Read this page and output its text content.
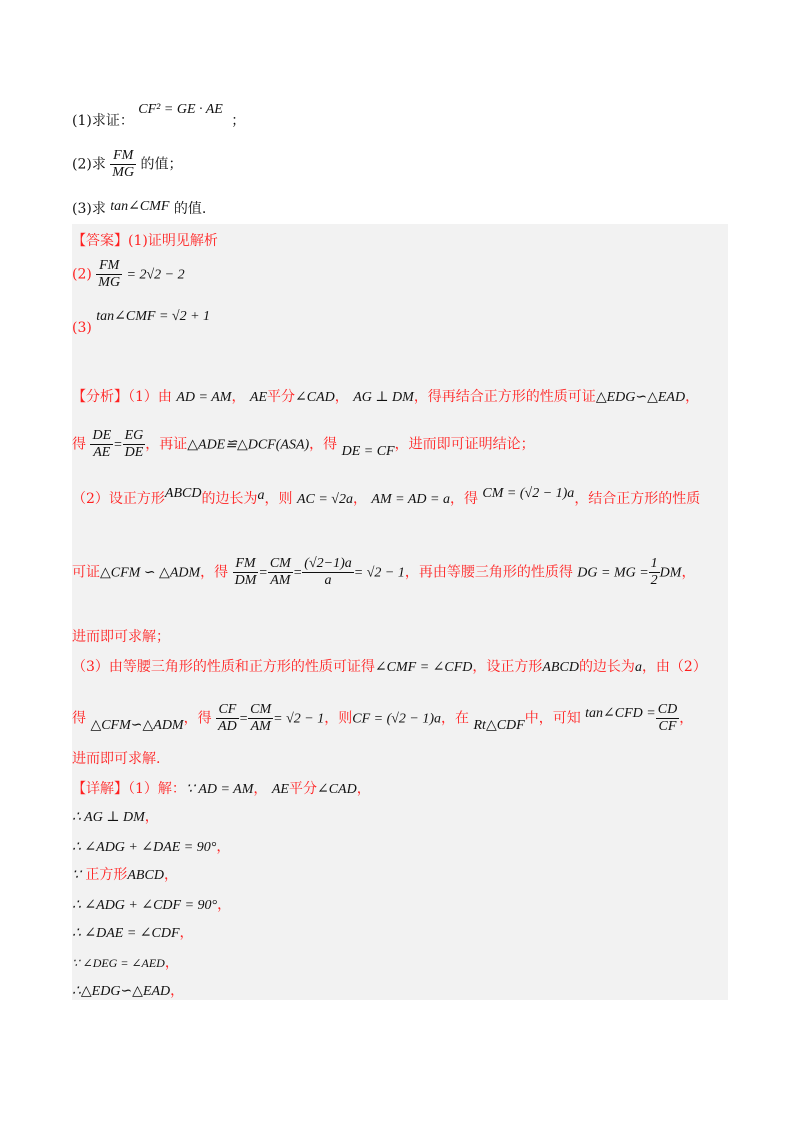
(1)求证： CF² = GE · AE ；
(2)求 $\frac{FM}{MG}$ 的值；
(3)求 tan∠CMF 的值.
【答案】(1)证明见解析
$(2) \frac{FM}{MG} = 2√2 - 2$
(3) tan∠CMF = √2 + 1
【分析】（1）由 AD = AM， AE平分∠CAD， AG ⊥ DM，得再结合正方形的性质可证△EDG∽△EAD，
得 $\frac{DE}{AE} = \frac{EG}{DE}$ ，再证△ADE≌△DCF(ASA)，得 DE = CF，进而即可证明结论；
（2）设正方形ABCD的边长为a，则 AC = √2a， AM = AD = a，得 CM = (√2 − 1)a，结合正方形的性质
可证△CFM ∽ △ADM，得 $\frac{FM}{DM} = \frac{CM}{AM} = \frac{(√2-1)a}{a} = √2 - 1$，再由等腰三角形的性质得 DG = MG = $\frac{1}{2}$ DM，
进而即可求解；
（3）由等腰三角形的性质和正方形的性质可证得∠CMF = ∠CFD，设正方形ABCD的边长为a，由（2）
得 △CFM∽△ADM，得 $\frac{CF}{AD} = \frac{CM}{AM} = √2 - 1$，则CF = (√2 − 1)a，在 Rt△CDF中，可知 tan∠CFD = $\frac{CD}{CF}$ ，
进而即可求解.
【详解】（1）解：∵ AD = AM， AE平分∠CAD，
∴ AG ⊥ DM，
∴ ∠ADG + ∠DAE = 90°，
∵ 正方形ABCD，
∴ ∠ADG + ∠CDF = 90°，
∴ ∠DAE = ∠CDF，
∵ ∠DEG = ∠AED，
∴△EDG∽△EAD，
